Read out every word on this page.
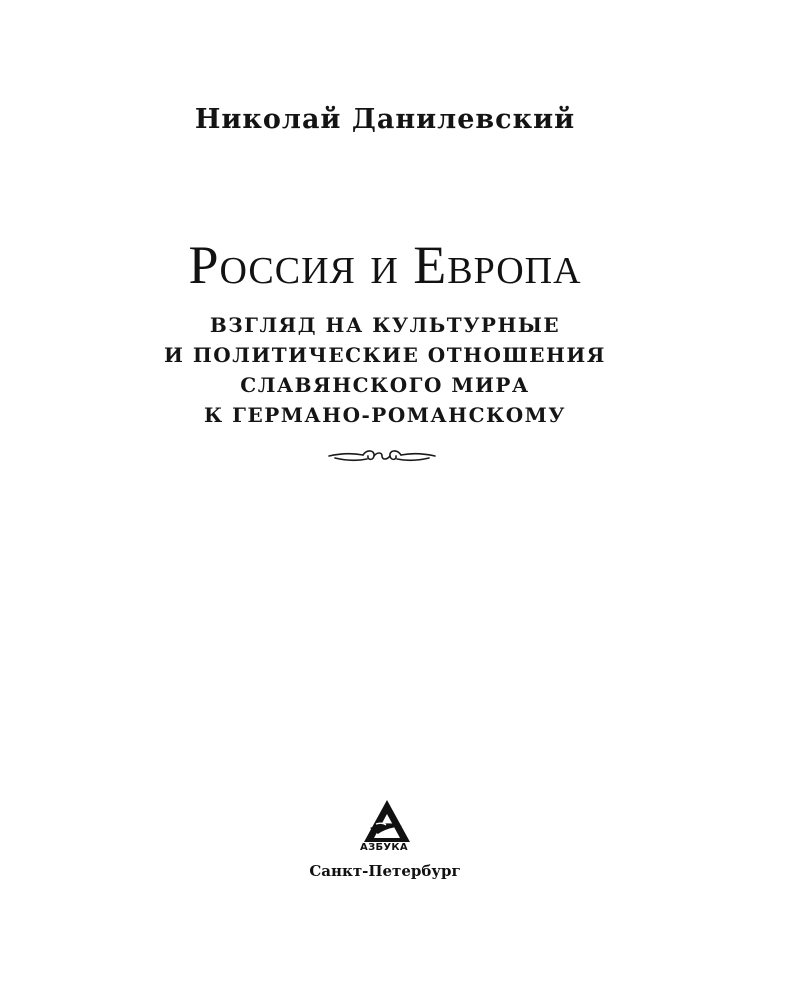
Николай Данилевский
Россия и Европа
ВЗГЛЯД НА КУЛЬТУРНЫЕ
И ПОЛИТИЧЕСКИЕ ОТНОШЕНИЯ
СЛАВЯНСКОГО МИРА
К ГЕРМАНО-РОМАНСКОМУ
АЗБУКА
Санкт-Петербург
